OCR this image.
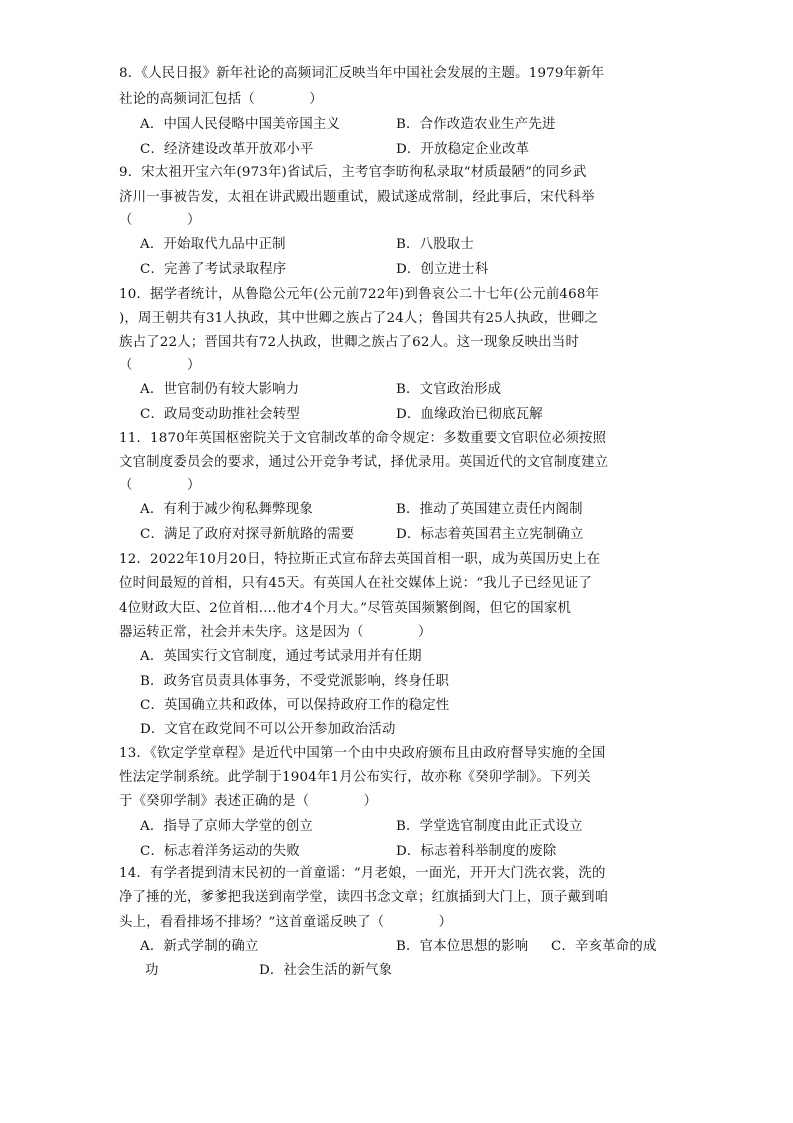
8．《人民日报》新年社论的高频词汇反映当年中国社会发展的主题。1979年新年
社论的高频词汇包括（　　　　）
A．中国人民侵略中国美帝国主义	B．合作改造农业生产先进
C．经济建设改革开放邓小平	D．开放稳定企业改革
9．宋太祖开宝六年(973年)省试后，主考官李昉徇私录取“材质最陋”的同乡武
济川一事被告发，太祖在讲武殿出题重试，殿试遂成常制，经此事后，宋代科举
（　　　　）
A．开始取代九品中正制	B．八股取士
C．完善了考试录取程序	D．创立进士科
10．据学者统计，从鲁隐公元年(公元前722年)到鲁哀公二十七年(公元前468年
)，周王朝共有31人执政，其中世卿之族占了24人；鲁国共有25人执政，世卿之
族占了22人；晋国共有72人执政，世卿之族占了62人。这一现象反映出当时
（　　　　）
A．世官制仍有较大影响力	B．文官政治形成
C．政局变动助推社会转型	D．血缘政治已彻底瓦解
11．1870年英国枢密院关于文官制改革的命令规定：多数重要文官职位必须按照
文官制度委员会的要求，通过公开竞争考试，择优录用。英国近代的文官制度建立
（　　　　）
A．有利于减少徇私舞弊现象	B．推动了英国建立责任内阁制
C．满足了政府对探寻新航路的需要	D．标志着英国君主立宪制确立
12．2022年10月20日，特拉斯正式宣布辞去英国首相一职，成为英国历史上在
位时间最短的首相，只有45天。有英国人在社交媒体上说：“我儿子已经见证了
4位财政大臣、2位首相....他才4个月大。”尽管英国频繁倒阁，但它的国家机
器运转正常，社会并未失序。这是因为（　　　　）
A．英国实行文官制度，通过考试录用并有任期
B．政务官员责具体事务，不受党派影响，终身任职
C．英国确立共和政体，可以保持政府工作的稳定性
D．文官在政党间不可以公开参加政治活动
13．《钦定学堂章程》是近代中国第一个由中央政府颁布且由政府督导实施的全国
性法定学制系统。此学制于1904年1月公布实行，故亦称《癸卯学制》。下列关
于《癸卯学制》表述正确的是（　　　　）
A．指导了京师大学堂的创立	B．学堂选官制度由此正式设立
C．标志着洋务运动的失败	D．标志着科举制度的废除
14．有学者提到清末民初的一首童谣：“月老娘，一面光，开开大门洗衣裳，洗的
净了捶的光，爹爹把我送到南学堂，读四书念文章；红旗插到大门上，顶子戴到咱
头上，看看排场不排场？”这首童谣反映了（　　　　）
A．新式学制的确立	B．官本位思想的影响 C．辛亥革命的成
功	D．社会生活的新气象
